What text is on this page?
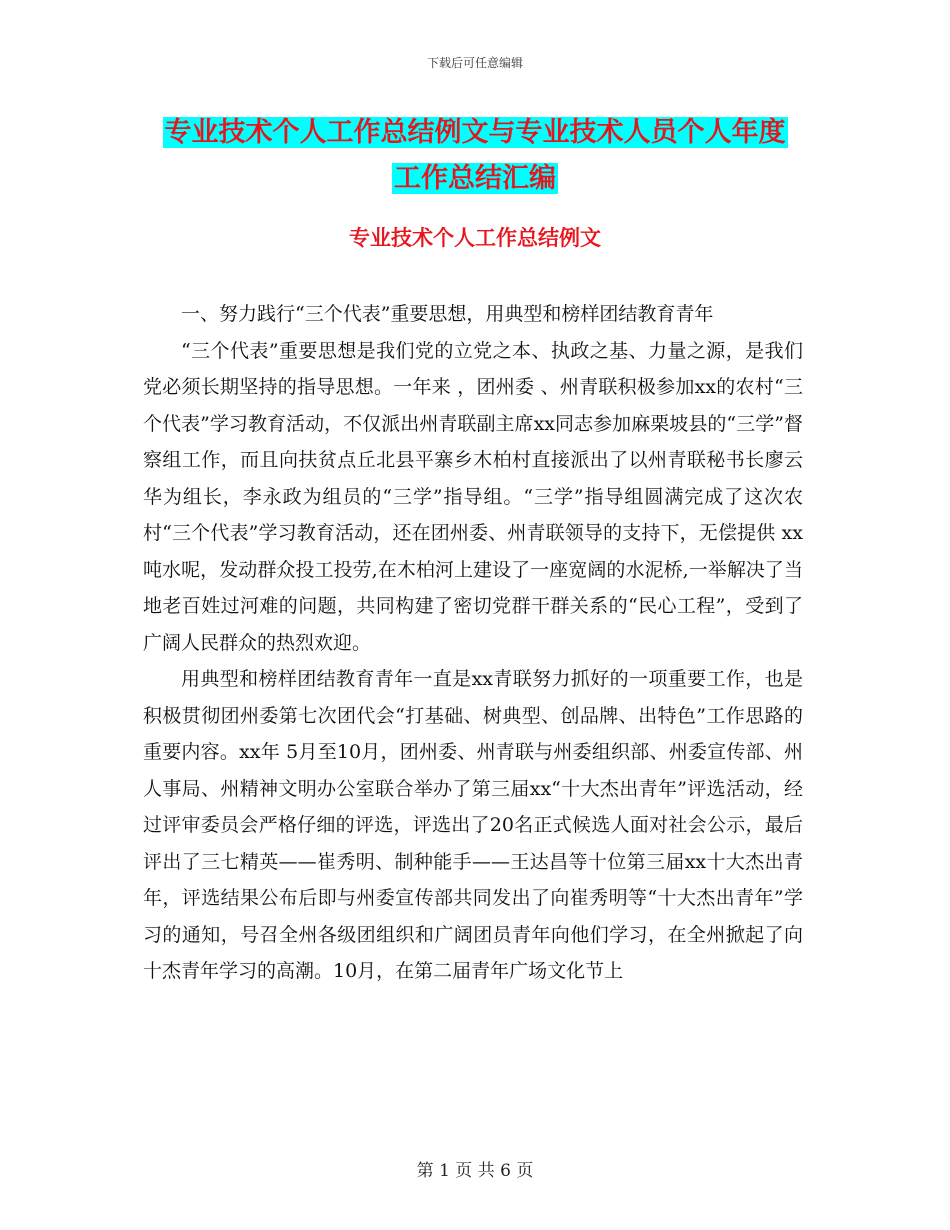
下载后可任意编辑
专业技术个人工作总结例文与专业技术人员个人年度
工作总结汇编
专业技术个人工作总结例文

一、努力践行“三个代表”重要思想，用典型和榜样团结教育青年

“三个代表”重要思想是我们党的立党之本、执政之基、力量之源，是我们党必须长期坚持的指导思想。一年来 ，团州委 、州青联积极参加xx的农村“三个代表”学习教育活动，不仅派出州青联副主席xx同志参加麻栗坡县的“三学”督察组工作，而且向扶贫点丘北县平寨乡木柏村直接派出了以州青联秘书长廖云华为组长，李永政为组员的“三学”指导组。“三学”指导组圆满完成了这次农村“三个代表”学习教育活动，还在团州委、州青联领导的支持下，无偿提供 xx吨水呢，发动群众投工投劳,在木柏河上建设了一座宽阔的水泥桥,一举解决了当地老百姓过河难的问题，共同构建了密切党群干群关系的“民心工程”，受到了广阔人民群众的热烈欢迎。

用典型和榜样团结教育青年一直是xx青联努力抓好的一项重要工作，也是积极贯彻团州委第七次团代会“打基础、树典型、创品牌、出特色”工作思路的重要内容。xx年 5月至10月，团州委、州青联与州委组织部、州委宣传部、州人事局、州精神文明办公室联合举办了第三届xx“十大杰出青年”评选活动，经过评审委员会严格仔细的评选，评选出了20名正式候选人面对社会公示，最后评出了三七精英——崔秀明、制种能手——王达昌等十位第三届xx十大杰出青年，评选结果公布后即与州委宣传部共同发出了向崔秀明等“十大杰出青年”学习的通知，号召全州各级团组织和广阔团员青年向他们学习，在全州掀起了向十杰青年学习的高潮。10月，在第二届青年广场文化节上

第 1 页 共 6 页
